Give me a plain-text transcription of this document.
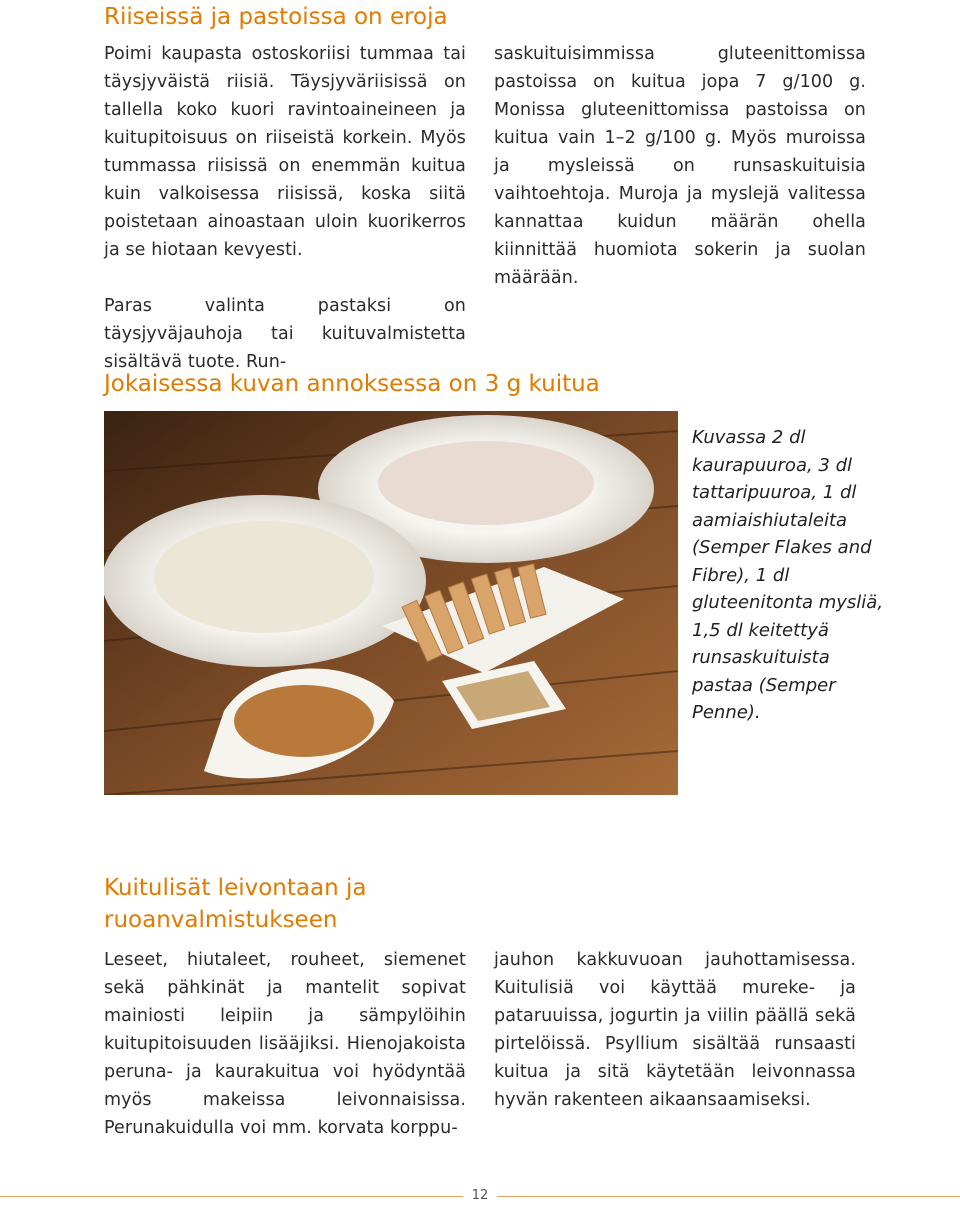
Riiseissä ja pastoissa on eroja

Poimi kaupasta ostoskoriisi tummaa tai täysjyväistä riisiä. Täysjyväriisissä on tallella koko kuori ravintoaineineen ja kuitupitoisuus on riiseistä korkein. Myös tummassa riisissä on enemmän kuitua kuin valkoisessa riisissä, koska siitä poistetaan ainoastaan uloin kuorikerros ja se hiotaan kevyesti.

Paras valinta pastaksi on täysjyväjauhoja tai kuituvalmistetta sisältävä tuote. Run-

saskuituisimmissa gluteenittomissa pastoissa on kuitua jopa 7 g/100 g. Monissa gluteenittomissa pastoissa on kuitua vain 1–2 g/100 g. Myös muroissa ja mysleissä on runsaskuituisia vaihtoehtoja. Muroja ja myslejä valitessa kannattaa kuidun määrän ohella kiinnittää huomiota sokerin ja suolan määrään.

Jokaisessa kuvan annoksessa on 3 g kuitua

Kuvassa 2 dl kaurapuuroa, 3 dl tattaripuuroa, 1 dl aamiaishiutaleita (Semper Flakes and Fibre), 1 dl gluteenitonta mysliä, 1,5 dl keitettyä runsaskuituista pastaa (Semper Penne).

Kuitulisät leivontaan ja ruoanvalmistukseen

Leseet, hiutaleet, rouheet, siemenet sekä pähkinät ja mantelit sopivat mainiosti leipiin ja sämpylöihin kuitupitoisuuden lisääjiksi. Hienojakoista peruna- ja kaurakuitua voi hyödyntää myös makeissa leivonnaisissa. Perunakuidulla voi mm. korvata korppu-

jauhon kakkuvuoan jauhottamisessa. Kuitulisiä voi käyttää mureke- ja pataruuissa, jogurtin ja viilin päällä sekä pirtelöissä. Psyllium sisältää runsaasti kuitua ja sitä käytetään leivonnassa hyvän rakenteen aikaansaamiseksi.

12
